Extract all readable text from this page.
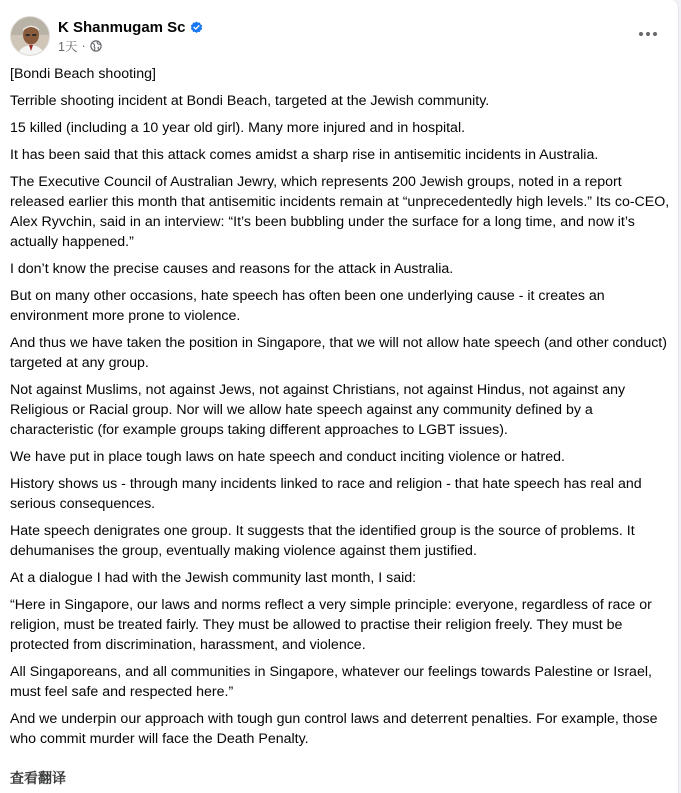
K Shanmugam Sc
1天 ·

[Bondi Beach shooting]

Terrible shooting incident at Bondi Beach, targeted at the Jewish community.

15 killed (including a 10 year old girl). Many more injured and in hospital.

It has been said that this attack comes amidst a sharp rise in antisemitic incidents in Australia.

The Executive Council of Australian Jewry, which represents 200 Jewish groups, noted in a report released earlier this month that antisemitic incidents remain at “unprecedentedly high levels.” Its co-CEO, Alex Ryvchin, said in an interview: “It’s been bubbling under the surface for a long time, and now it’s actually happened.”

I don’t know the precise causes and reasons for the attack in Australia.

But on many other occasions, hate speech has often been one underlying cause - it creates an environment more prone to violence.

And thus we have taken the position in Singapore, that we will not allow hate speech (and other conduct) targeted at any group.

Not against Muslims, not against Jews, not against Christians, not against Hindus, not against any Religious or Racial group. Nor will we allow hate speech against any community defined by a characteristic (for example groups taking different approaches to LGBT issues).

We have put in place tough laws on hate speech and conduct inciting violence or hatred.

History shows us - through many incidents linked to race and religion - that hate speech has real and serious consequences.

Hate speech denigrates one group. It suggests that the identified group is the source of problems. It dehumanises the group, eventually making violence against them justified.

At a dialogue I had with the Jewish community last month, I said:

“Here in Singapore, our laws and norms reflect a very simple principle: everyone, regardless of race or religion, must be treated fairly. They must be allowed to practise their religion freely. They must be protected from discrimination, harassment, and violence.

All Singaporeans, and all communities in Singapore, whatever our feelings towards Palestine or Israel, must feel safe and respected here.”

And we underpin our approach with tough gun control laws and deterrent penalties. For example, those who commit murder will face the Death Penalty.

查看翻译
